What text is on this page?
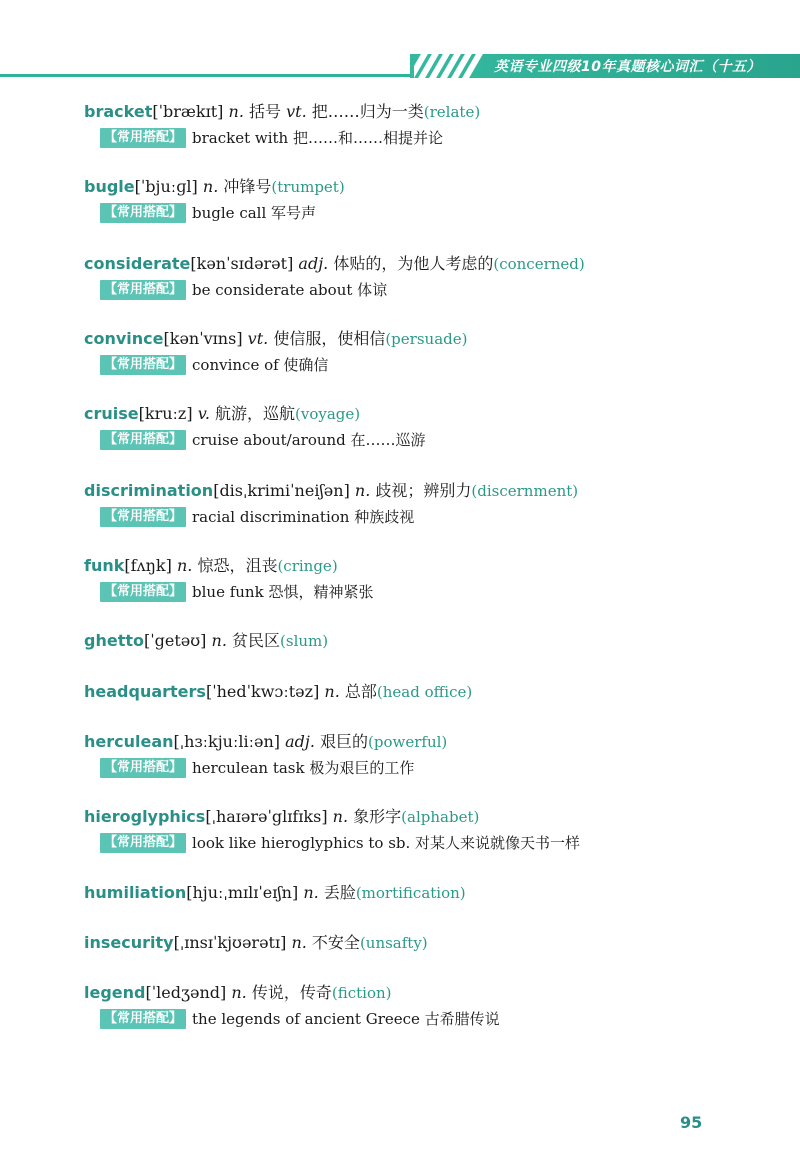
英语专业四级10年真题核心词汇（十五）
bracket[ˈbrækɪt] n. 括号 vt. 把……归为一类(relate)
【常用搭配】 bracket with 把……和……相提并论
bugle[ˈbjuːɡl] n. 冲锋号(trumpet)
【常用搭配】 bugle call 军号声
considerate[kənˈsɪdərət] adj. 体贴的，为他人考虑的(concerned)
【常用搭配】 be considerate about 体谅
convince[kənˈvɪns] vt. 使信服，使相信(persuade)
【常用搭配】 convince of 使确信
cruise[kruːz] v. 航游，巡航(voyage)
【常用搭配】 cruise about/around 在……巡游
discrimination[disˌkrimiˈneiʃən] n. 歧视；辨别力(discernment)
【常用搭配】 racial discrimination 种族歧视
funk[fʌŋk] n. 惊恐，沮丧(cringe)
【常用搭配】 blue funk 恐惧，精神紧张
ghetto[ˈgetəʊ] n. 贫民区(slum)
headquarters[ˈhedˈkwɔːtəz] n. 总部(head office)
herculean[ˌhɜːkjuːliːən] adj. 艰巨的(powerful)
【常用搭配】 herculean task 极为艰巨的工作
hieroglyphics[ˌhaɪərəˈglɪfɪks] n. 象形字(alphabet)
【常用搭配】 look like hieroglyphics to sb. 对某人来说就像天书一样
humiliation[hjuːˌmɪlɪˈeɪʃn] n. 丢脸(mortification)
insecurity[ˌɪnsɪˈkjʊərətɪ] n. 不安全(unsafty)
legend[ˈledʒənd] n. 传说，传奇(fiction)
【常用搭配】 the legends of ancient Greece 古希腊传说
95
